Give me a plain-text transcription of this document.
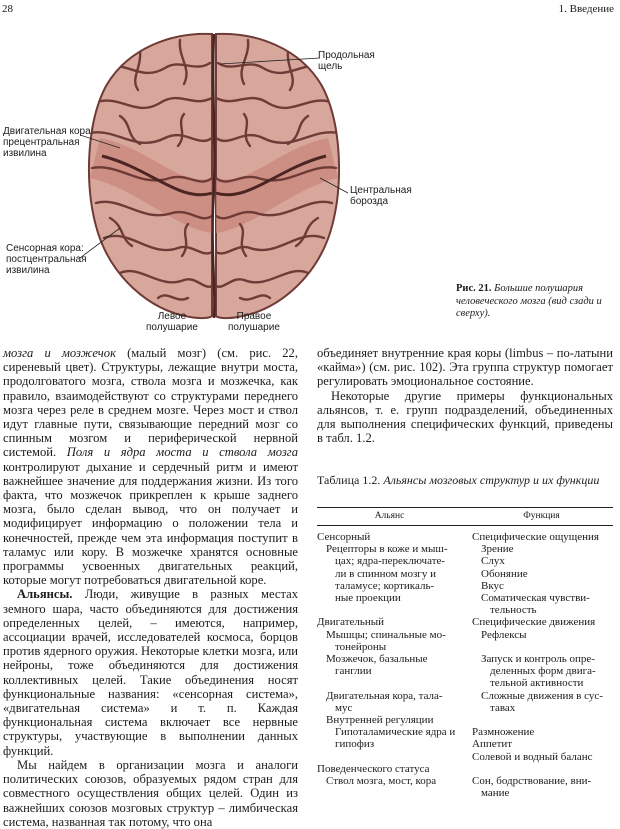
28	1. Введение
Продольная
щель
Двигательная кора:
прецентральная
извилина
Центральная
борозда
Сенсорная кора:
постцентральная
извилина
Левое
полушарие
Правое
полушарие
Рис. 21. Большие полушария человеческого мозга (вид сзади и сверху).

мозга и мозжечок (малый мозг) (см. рис. 22, сиреневый цвет). Структуры, лежащие внутри моста, продолговатого мозга, ствола мозга и мозжечка, как правило, взаимодействуют со структурами переднего мозга через реле в среднем мозге. Через мост и ствол идут главные пути, связывающие передний мозг со спинным мозгом и периферической нервной системой. Поля и ядра моста и ствола мозга контролируют дыхание и сердечный ритм и имеют важнейшее значение для поддержания жизни. Из того факта, что мозжечок прикреплен к крыше заднего мозга, было сделан вывод, что он получает и модифицирует информацию о положении тела и конечностей, прежде чем эта информация поступит в таламус или кору. В мозжечке хранятся основные программы усвоенных двигательных реакций, которые могут потребоваться двигательной коре.

Альянсы. Люди, живущие в разных местах земного шара, часто объединяются для достижения определенных целей, – имеются, например, ассоциации врачей, исследователей космоса, борцов против ядерного оружия. Некоторые клетки мозга, или нейроны, тоже объединяются для достижения коллективных целей. Такие объединения носят функциональные названия: «сенсорная система», «двигательная система» и т. п. Каждая функциональная система включает все нервные структуры, участвующие в выполнении данных функций.

Мы найдем в организации мозга и аналоги политических союзов, образуемых рядом стран для совместного осуществления общих целей. Один из важнейших союзов мозговых структур – лимбическая система, названная так потому, что она

объединяет внутренние края коры (limbus – по-латыни «кайма») (см. рис. 102). Эта группа структур помогает регулировать эмоциональное состояние.

Некоторые другие примеры функциональных альянсов, т. е. групп подразделений, объединенных для выполнения специфических функций, приведены в табл. 1.2.

Таблица 1.2. Альянсы мозговых структур и их функции
Альянс	Функция
Сенсорный
Рецепторы в коже и мыш-
цах; ядра-переключате-
ли в спинном мозгу и
таламусе; кортикаль-
ные проекции

Двигательный
Мышцы; спинальные мо-
тонейроны
Мозжечок, базальные
ганглии

Двигательная кора, тала-
мус
Внутренней регуляции
Гипоталамические ядра и
гипофиз

Поведенческого статуса
Ствол мозга, мост, кора
Специфические ощущения
Зрение
Слух
Обоняние
Вкус
Соматическая чувстви-
тельность
Специфические движения
Рефлексы

Запуск и контроль опре-
деленных форм двига-
тельной активности
Сложные движения в сус-
тавах

Размножение
Аппетит
Солевой и водный баланс

Сон, бодрствование, вни-
мание
